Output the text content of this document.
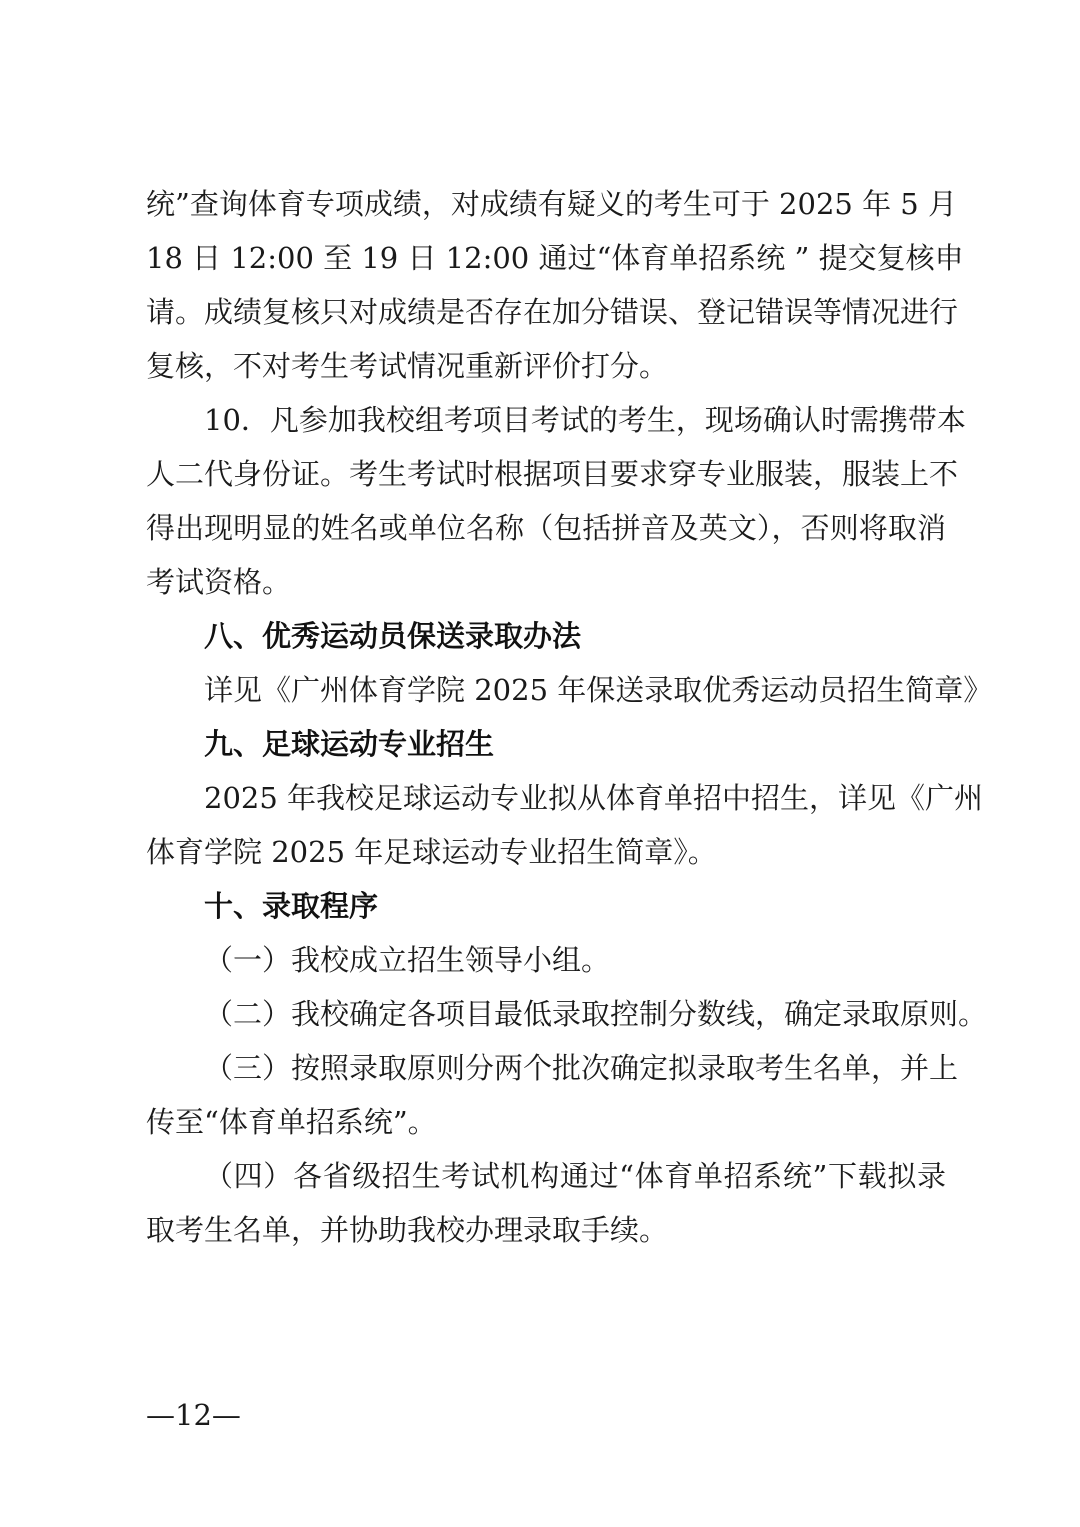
统”查询体育专项成绩，对成绩有疑义的考生可于 2025 年 5 月
18 日 12:00 至 19 日 12:00 通过“体育单招系统 ” 提交复核申
请。成绩复核只对成绩是否存在加分错误、登记错误等情况进行
复核，不对考生考试情况重新评价打分。
10．凡参加我校组考项目考试的考生，现场确认时需携带本
人二代身份证。考生考试时根据项目要求穿专业服装，服装上不
得出现明显的姓名或单位名称（包括拼音及英文），否则将取消
考试资格。
八、优秀运动员保送录取办法
详见《广州体育学院 2025 年保送录取优秀运动员招生简章》
九、足球运动专业招生
2025 年我校足球运动专业拟从体育单招中招生，详见《广州
体育学院 2025 年足球运动专业招生简章》。
十、录取程序
（一）我校成立招生领导小组。
（二）我校确定各项目最低录取控制分数线，确定录取原则。
（三）按照录取原则分两个批次确定拟录取考生名单，并上
传至“体育单招系统”。
（四）各省级招生考试机构通过“体育单招系统”下载拟录
取考生名单，并协助我校办理录取手续。
—12—
